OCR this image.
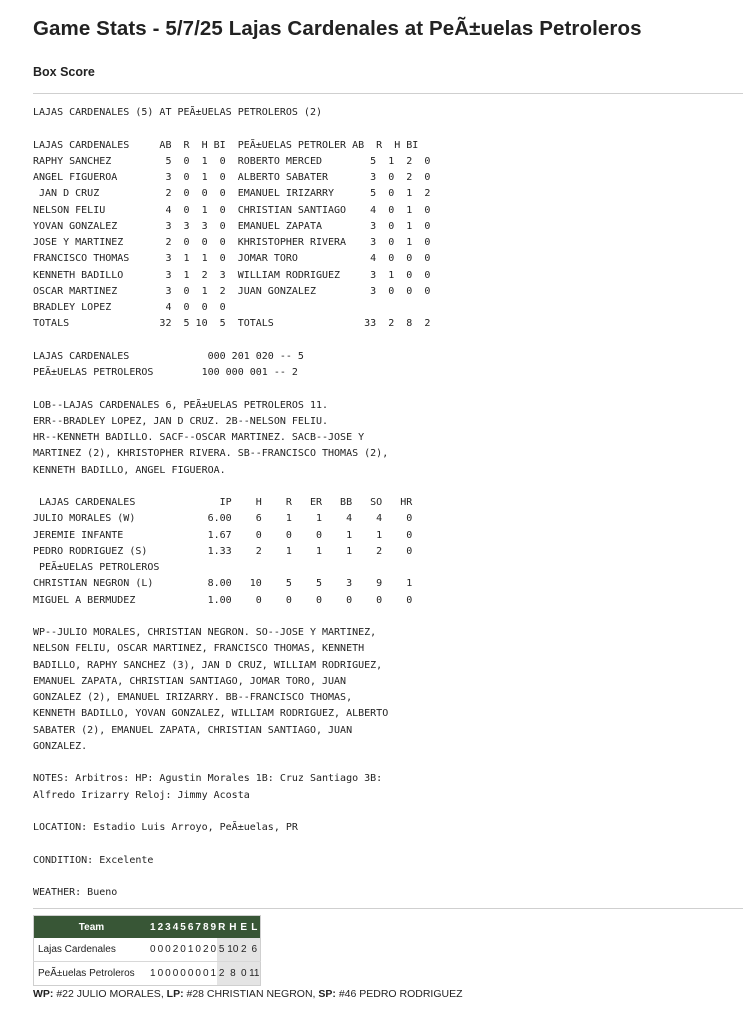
Game Stats - 5/7/25 Lajas Cardenales at PeÃ±uelas Petroleros
Box Score
LAJAS CARDENALES (5) AT PEÃ±UELAS PETROLEROS (2)

LAJAS CARDENALES     AB  R  H BI  PEÃ±UELAS PETROLER AB  R  H BI
RAPHY SANCHEZ         5  0  1  0  ROBERTO MERCED        5  1  2  0
ANGEL FIGUEROA        3  0  1  0  ALBERTO SABATER       3  0  2  0
JAN D CRUZ           2  0  0  0  EMANUEL IRIZARRY      5  0  1  2
NELSON FELIU          4  0  1  0  CHRISTIAN SANTIAGO    4  0  1  0
YOVAN GONZALEZ        3  3  3  0  EMANUEL ZAPATA        3  0  1  0
JOSE Y MARTINEZ       2  0  0  0  KHRISTOPHER RIVERA    3  0  1  0
FRANCISCO THOMAS      3  1  1  0  JOMAR TORO            4  0  0  0
KENNETH BADILLO       3  1  2  3  WILLIAM RODRIGUEZ     3  1  0  0
OSCAR MARTINEZ        3  0  1  2  JUAN GONZALEZ         3  0  0  0
BRADLEY LOPEZ         4  0  0  0
TOTALS               32  5 10  5  TOTALS               33  2  8  2

LAJAS CARDENALES             000 201 020 -- 5
PEÃ±UELAS PETROLEROS        100 000 001 -- 2

LOB--LAJAS CARDENALES 6, PEÃ±UELAS PETROLEROS 11.
ERR--BRADLEY LOPEZ, JAN D CRUZ. 2B--NELSON FELIU.
HR--KENNETH BADILLO. SACF--OSCAR MARTINEZ. SACB--JOSE Y
MARTINEZ (2), KHRISTOPHER RIVERA. SB--FRANCISCO THOMAS (2),
KENNETH BADILLO, ANGEL FIGUEROA.

LAJAS CARDENALES              IP    H    R   ER   BB   SO   HR
JULIO MORALES (W)            6.00    6    1    1    4    4    0
JEREMIE INFANTE              1.67    0    0    0    1    1    0
PEDRO RODRIGUEZ (S)          1.33    2    1    1    1    2    0
PEÃ±UELAS PETROLEROS
CHRISTIAN NEGRON (L)         8.00   10    5    5    3    9    1
MIGUEL A BERMUDEZ            1.00    0    0    0    0    0    0

WP--JULIO MORALES, CHRISTIAN NEGRON. SO--JOSE Y MARTINEZ,
NELSON FELIU, OSCAR MARTINEZ, FRANCISCO THOMAS, KENNETH
BADILLO, RAPHY SANCHEZ (3), JAN D CRUZ, WILLIAM RODRIGUEZ,
EMANUEL ZAPATA, CHRISTIAN SANTIAGO, JOMAR TORO, JUAN
GONZALEZ (2), EMANUEL IRIZARRY. BB--FRANCISCO THOMAS,
KENNETH BADILLO, YOVAN GONZALEZ, WILLIAM RODRIGUEZ, ALBERTO
SABATER (2), EMANUEL ZAPATA, CHRISTIAN SANTIAGO, JUAN
GONZALEZ.

NOTES: Arbitros: HP: Agustin Morales 1B: Cruz Santiago 3B:
Alfredo Irizarry Reloj: Jimmy Acosta

LOCATION: Estadio Luis Arroyo, PeÃ±uelas, PR

CONDITION: Excelente

WEATHER: Bueno
Team	1	2	3	4	5	6	7	8	9	R	H	E	L
Lajas Cardenales	0	0	0	2	0	1	0	2	0	5	10	2	6
PeÃ±uelas Petroleros	1	0	0	0	0	0	0	0	1	2	8	0	11
WP: #22 JULIO MORALES, LP: #28 CHRISTIAN NEGRON, SP: #46 PEDRO RODRIGUEZ
